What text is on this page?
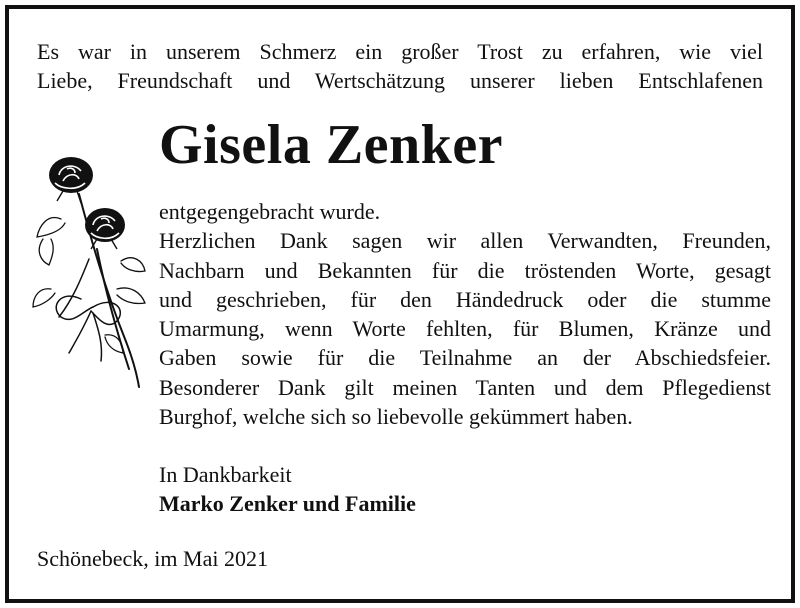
Es war in unserem Schmerz ein großer Trost zu erfahren, wie viel
Liebe, Freundschaft und Wertschätzung unserer lieben Entschlafenen
Gisela Zenker
entgegengebracht wurde.
Herzlichen Dank sagen wir allen Verwandten, Freunden,
Nachbarn und Bekannten für die tröstenden Worte, gesagt
und geschrieben, für den Händedruck oder die stumme
Umarmung, wenn Worte fehlten, für Blumen, Kränze und
Gaben sowie für die Teilnahme an der Abschiedsfeier.
Besonderer Dank gilt meinen Tanten und dem Pflegedienst
Burghof, welche sich so liebevolle gekümmert haben.
In Dankbarkeit
Marko Zenker und Familie
Schönebeck, im Mai 2021
